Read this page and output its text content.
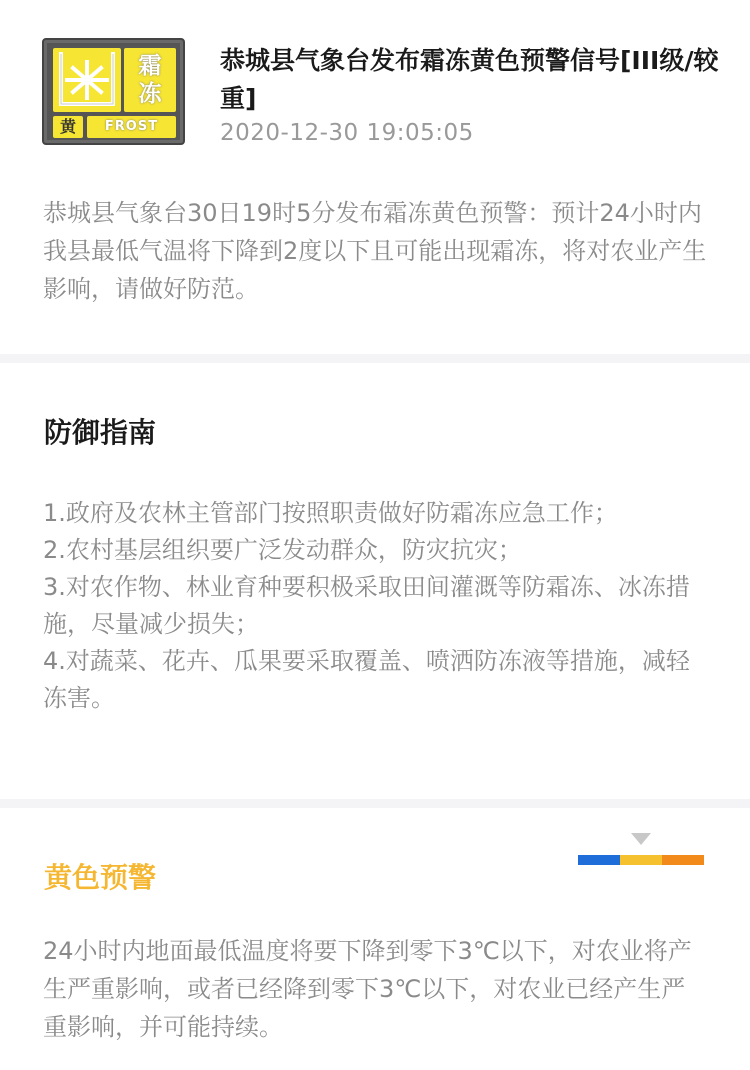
霜
冻
黄	FROST
恭城县气象台发布霜冻黄色预警信号[III级/较重]
2020-12-30 19:05:05
恭城县气象台30日19时5分发布霜冻黄色预警：预计24小时内我县最低气温将下降到2度以下且可能出现霜冻，将对农业产生影响，请做好防范。
防御指南
1.政府及农林主管部门按照职责做好防霜冻应急工作；
2.农村基层组织要广泛发动群众，防灾抗灾；
3.对农作物、林业育种要积极采取田间灌溉等防霜冻、冰冻措施，尽量减少损失；
4.对蔬菜、花卉、瓜果要采取覆盖、喷洒防冻液等措施，减轻冻害。
黄色预警
24小时内地面最低温度将要下降到零下3℃以下，对农业将产生严重影响，或者已经降到零下3℃以下，对农业已经产生严重影响，并可能持续。
